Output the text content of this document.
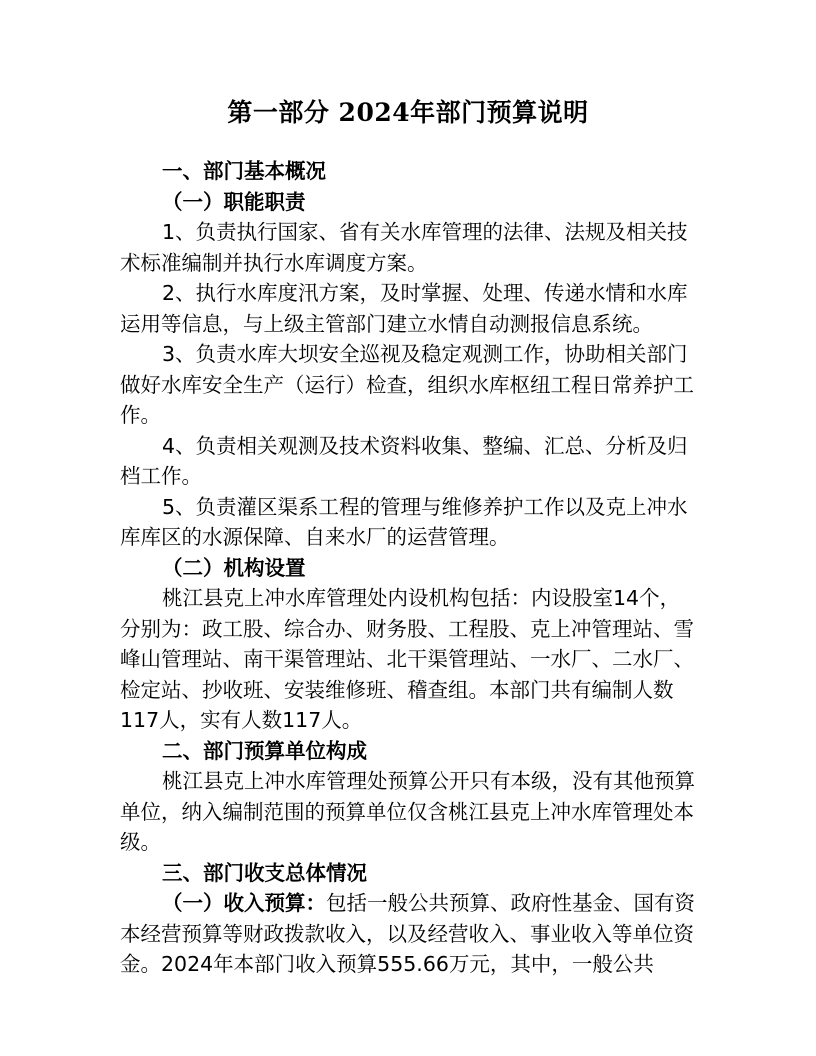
第一部分 2024年部门预算说明

一、部门基本概况

（一）职能职责

1、负责执行国家、省有关水库管理的法律、法规及相关技术标准编制并执行水库调度方案。

2、执行水库度汛方案，及时掌握、处理、传递水情和水库运用等信息，与上级主管部门建立水情自动测报信息系统。

3、负责水库大坝安全巡视及稳定观测工作，协助相关部门做好水库安全生产（运行）检查，组织水库枢纽工程日常养护工作。

4、负责相关观测及技术资料收集、整编、汇总、分析及归档工作。

5、负责灌区渠系工程的管理与维修养护工作以及克上冲水库库区的水源保障、自来水厂的运营管理。

（二）机构设置

桃江县克上冲水库管理处内设机构包括：内设股室14个，分别为：政工股、综合办、财务股、工程股、克上冲管理站、雪峰山管理站、南干渠管理站、北干渠管理站、一水厂、二水厂、检定站、抄收班、安装维修班、稽查组。本部门共有编制人数117人，实有人数117人。

二、部门预算单位构成

桃江县克上冲水库管理处预算公开只有本级，没有其他预算单位，纳入编制范围的预算单位仅含桃江县克上冲水库管理处本级。

三、部门收支总体情况

（一）收入预算：包括一般公共预算、政府性基金、国有资本经营预算等财政拨款收入，以及经营收入、事业收入等单位资金。2024年本部门收入预算555.66万元，其中，一般公共
